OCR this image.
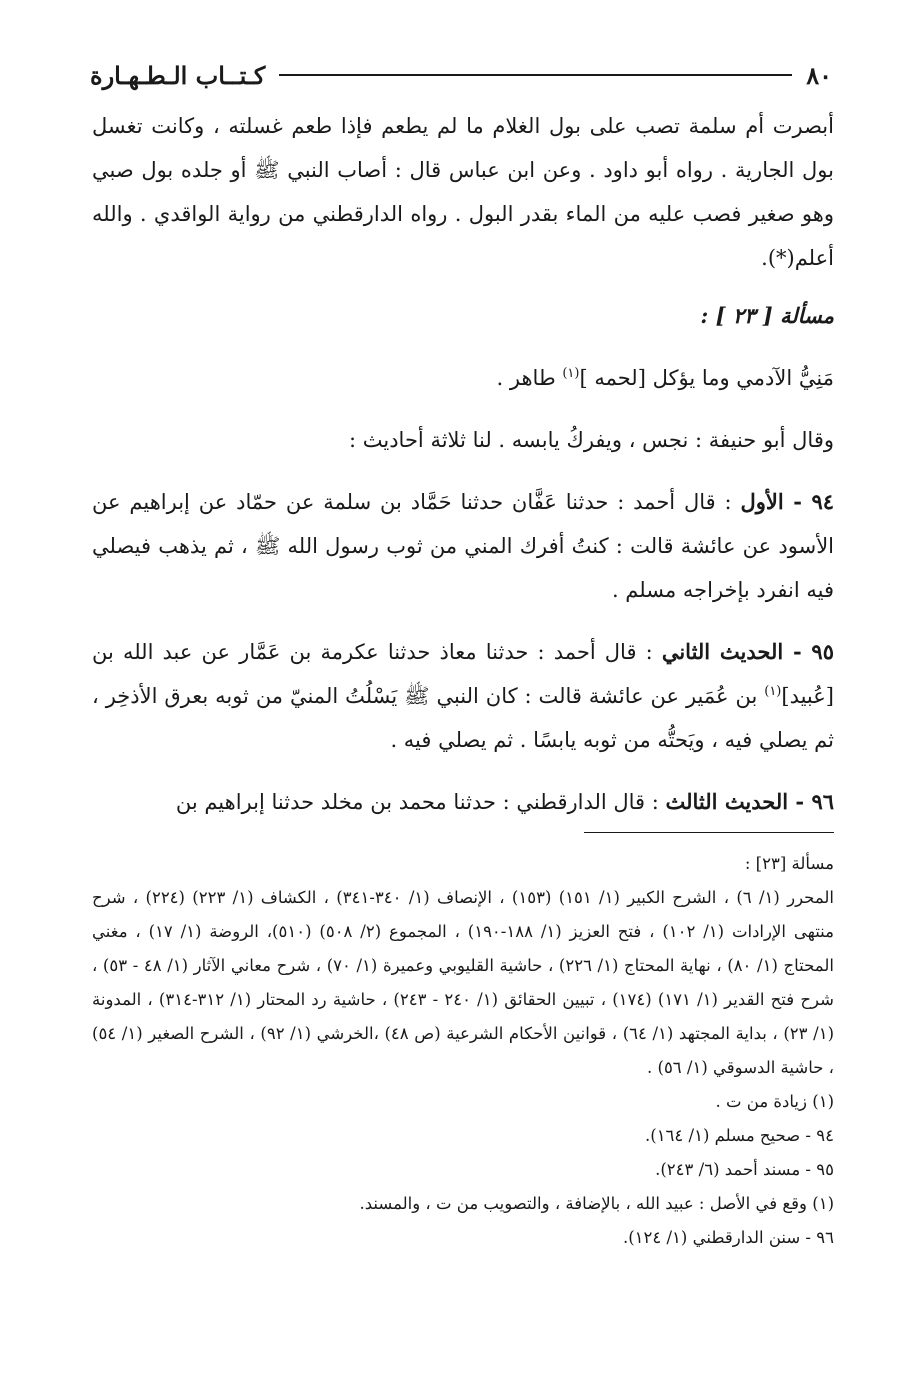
٨٠
كـتــاب الـطـهـارة

أبصرت أم سلمة تصب على بول الغلام ما لم يطعم فإذا طعم غسلته ، وكانت تغسل بول الجارية . رواه أبو داود . وعن ابن عباس قال : أصاب النبي ﷺ أو جلده بول صبي وهو صغير فصب عليه من الماء بقدر البول . رواه الدارقطني من رواية الواقدي . والله أعلم(*).

مسألة [ ٢٣ ] :

مَنِيُّ الآدمي وما يؤكل [لحمه ]$^{(١)}$ طاهر .

وقال أبو حنيفة : نجس ، ويفركُ يابسه . لنا ثلاثة أحاديث :

٩٤ - الأول : قال أحمد : حدثنا عَفَّان حدثنا حَمَّاد بن سلمة عن حمّاد عن إبراهيم عن الأسود عن عائشة قالت : كنتُ أفرك المني من ثوب رسول الله ﷺ ، ثم يذهب فيصلي فيه انفرد بإخراجه مسلم .

٩٥ - الحديث الثاني : قال أحمد : حدثنا معاذ حدثنا عكرمة بن عَمَّار عن عبد الله بن [عُبيد]$^{(١)}$ بن عُمَير عن عائشة قالت : كان النبي ﷺ يَسْلُتُ المنيّ من ثوبه بعرق الأذخِر ، ثم يصلي فيه ، ويَحتُّه من ثوبه يابسًا . ثم يصلي فيه .

٩٦ - الحديث الثالث : قال الدارقطني : حدثنا محمد بن مخلد حدثنا إبراهيم بن

مسألة [٢٣] :

المحرر (١/ ٦) ، الشرح الكبير (١/ ١٥١) (١٥٣) ، الإنصاف (١/ ٣٤٠-٣٤١) ، الكشاف (١/ ٢٢٣) (٢٢٤) ، شرح منتهى الإرادات (١/ ١٠٢) ، فتح العزيز (١/ ١٨٨-١٩٠) ، المجموع (٢/ ٥٠٨) (٥١٠)، الروضة (١/ ١٧) ، مغني المحتاج (١/ ٨٠) ، نهاية المحتاج (١/ ٢٢٦) ، حاشية القليوبي وعميرة (١/ ٧٠) ، شرح معاني الآثار (١/ ٤٨ - ٥٣) ، شرح فتح القدير (١/ ١٧١) (١٧٤) ، تبيين الحقائق (١/ ٢٤٠ - ٢٤٣) ، حاشية رد المحتار (١/ ٣١٢-٣١٤) ، المدونة (١/ ٢٣) ، بداية المجتهد (١/ ٦٤) ، قوانين الأحكام الشرعية (ص ٤٨) ،الخرشي (١/ ٩٢) ، الشرح الصغير (١/ ٥٤) ، حاشية الدسوقي (١/ ٥٦) .

(١) زيادة من ت .

٩٤ - صحيح مسلم (١/ ١٦٤).

٩٥ - مسند أحمد (٦/ ٢٤٣).

(١) وقع في الأصل : عبيد الله ، بالإضافة ، والتصويب من ت ، والمسند.

٩٦ - سنن الدارقطني (١/ ١٢٤).
